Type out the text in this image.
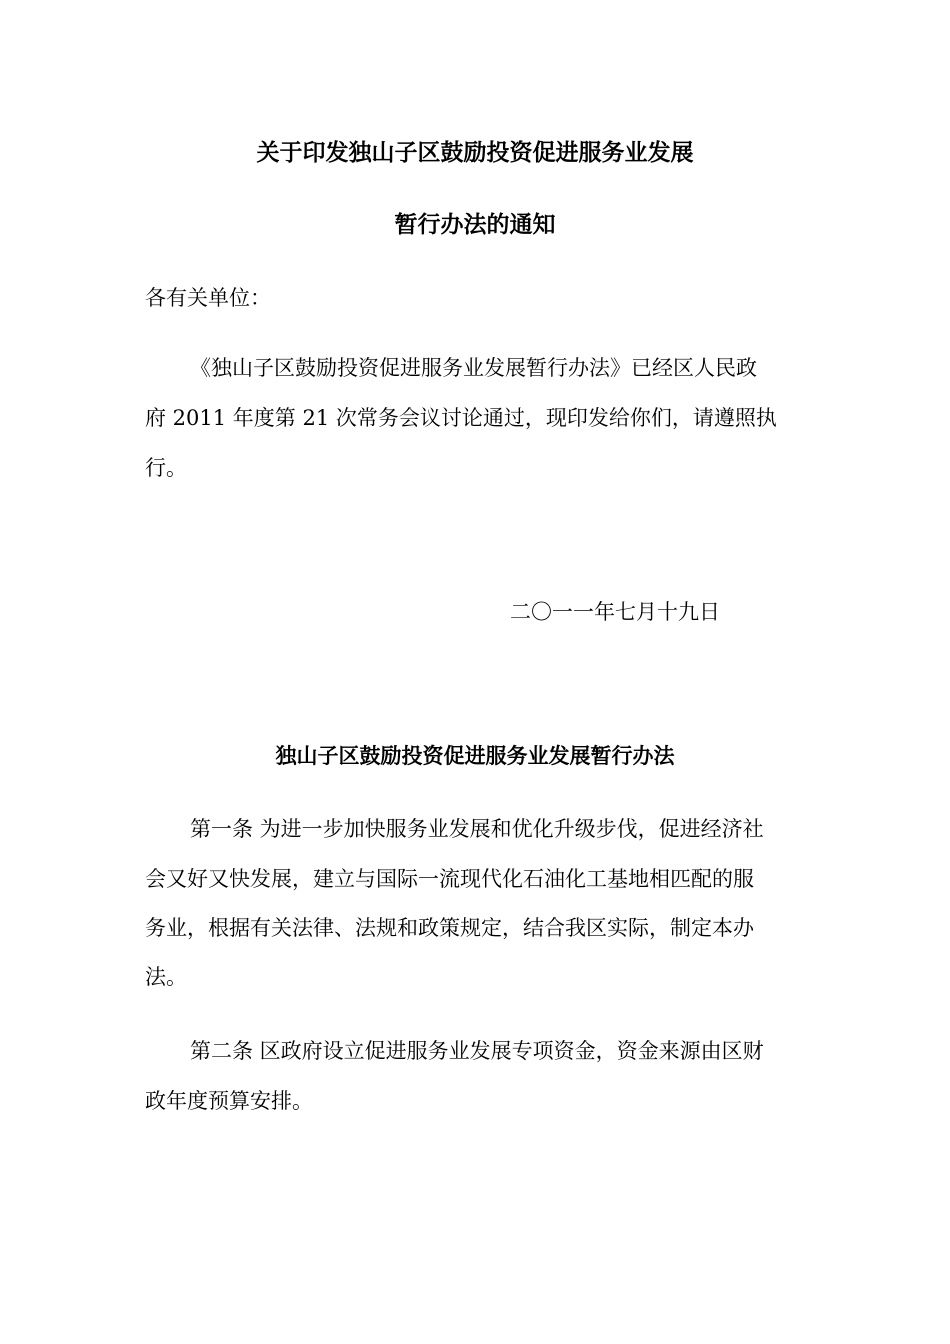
关于印发独山子区鼓励投资促进服务业发展
暂行办法的通知
各有关单位：
《独山子区鼓励投资促进服务业发展暂行办法》已经区人民政
府 2011 年度第 21 次常务会议讨论通过，现印发给你们，请遵照执
行。
二〇一一年七月十九日
独山子区鼓励投资促进服务业发展暂行办法
第一条 为进一步加快服务业发展和优化升级步伐，促进经济社
会又好又快发展，建立与国际一流现代化石油化工基地相匹配的服
务业，根据有关法律、法规和政策规定，结合我区实际，制定本办
法。
第二条 区政府设立促进服务业发展专项资金，资金来源由区财
政年度预算安排。
